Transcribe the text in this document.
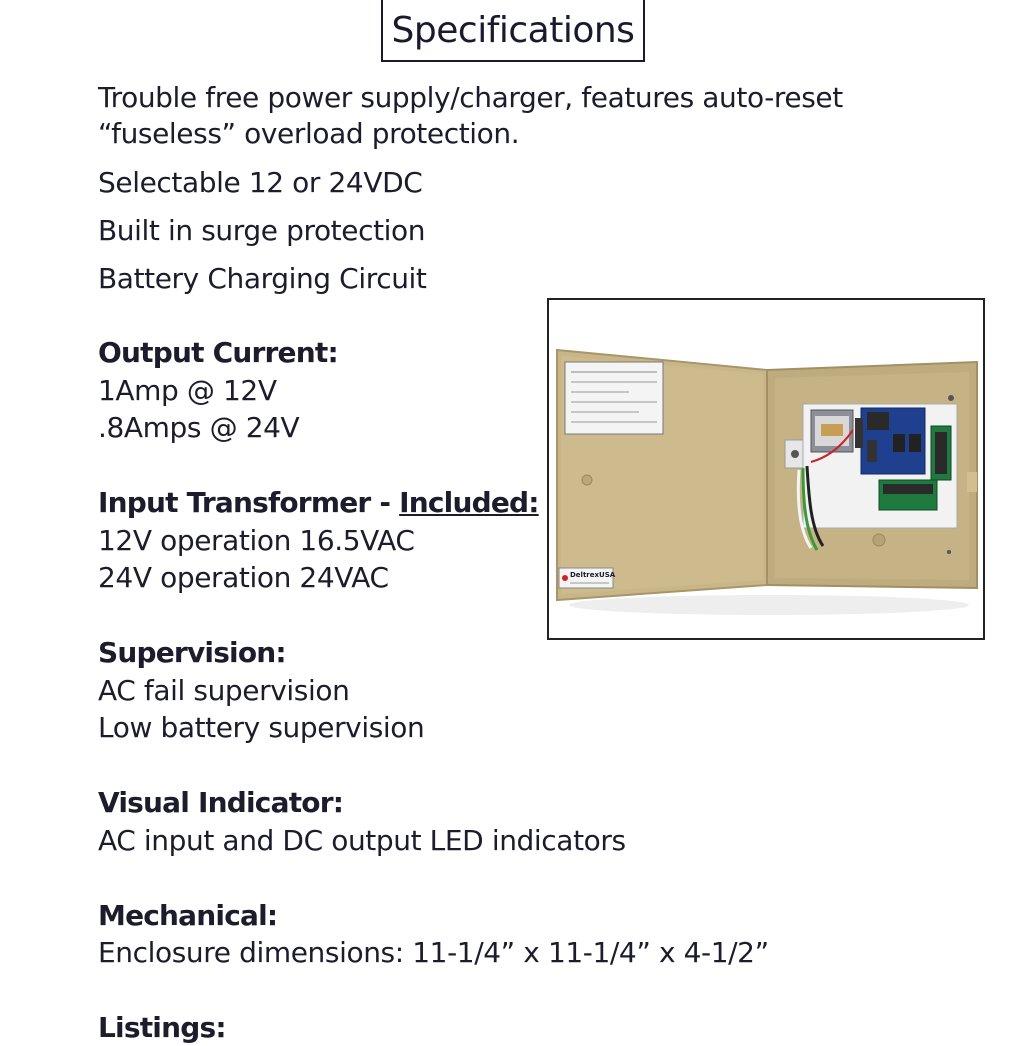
Specifications
Trouble free power supply/charger, features auto-reset
“fuseless” overload protection.
Selectable 12 or 24VDC
Built in surge protection
Battery Charging Circuit
Output Current:
1Amp @ 12V
.8Amps @ 24V
Input Transformer - Included:
12V operation 16.5VAC
24V operation 24VAC
Supervision:
AC fail supervision
Low battery supervision
Visual Indicator:
AC input and DC output LED indicators
Mechanical:
Enclosure dimensions: 11-1/4” x 11-1/4” x 4-1/2”
Listings:
DeltrexUSA
